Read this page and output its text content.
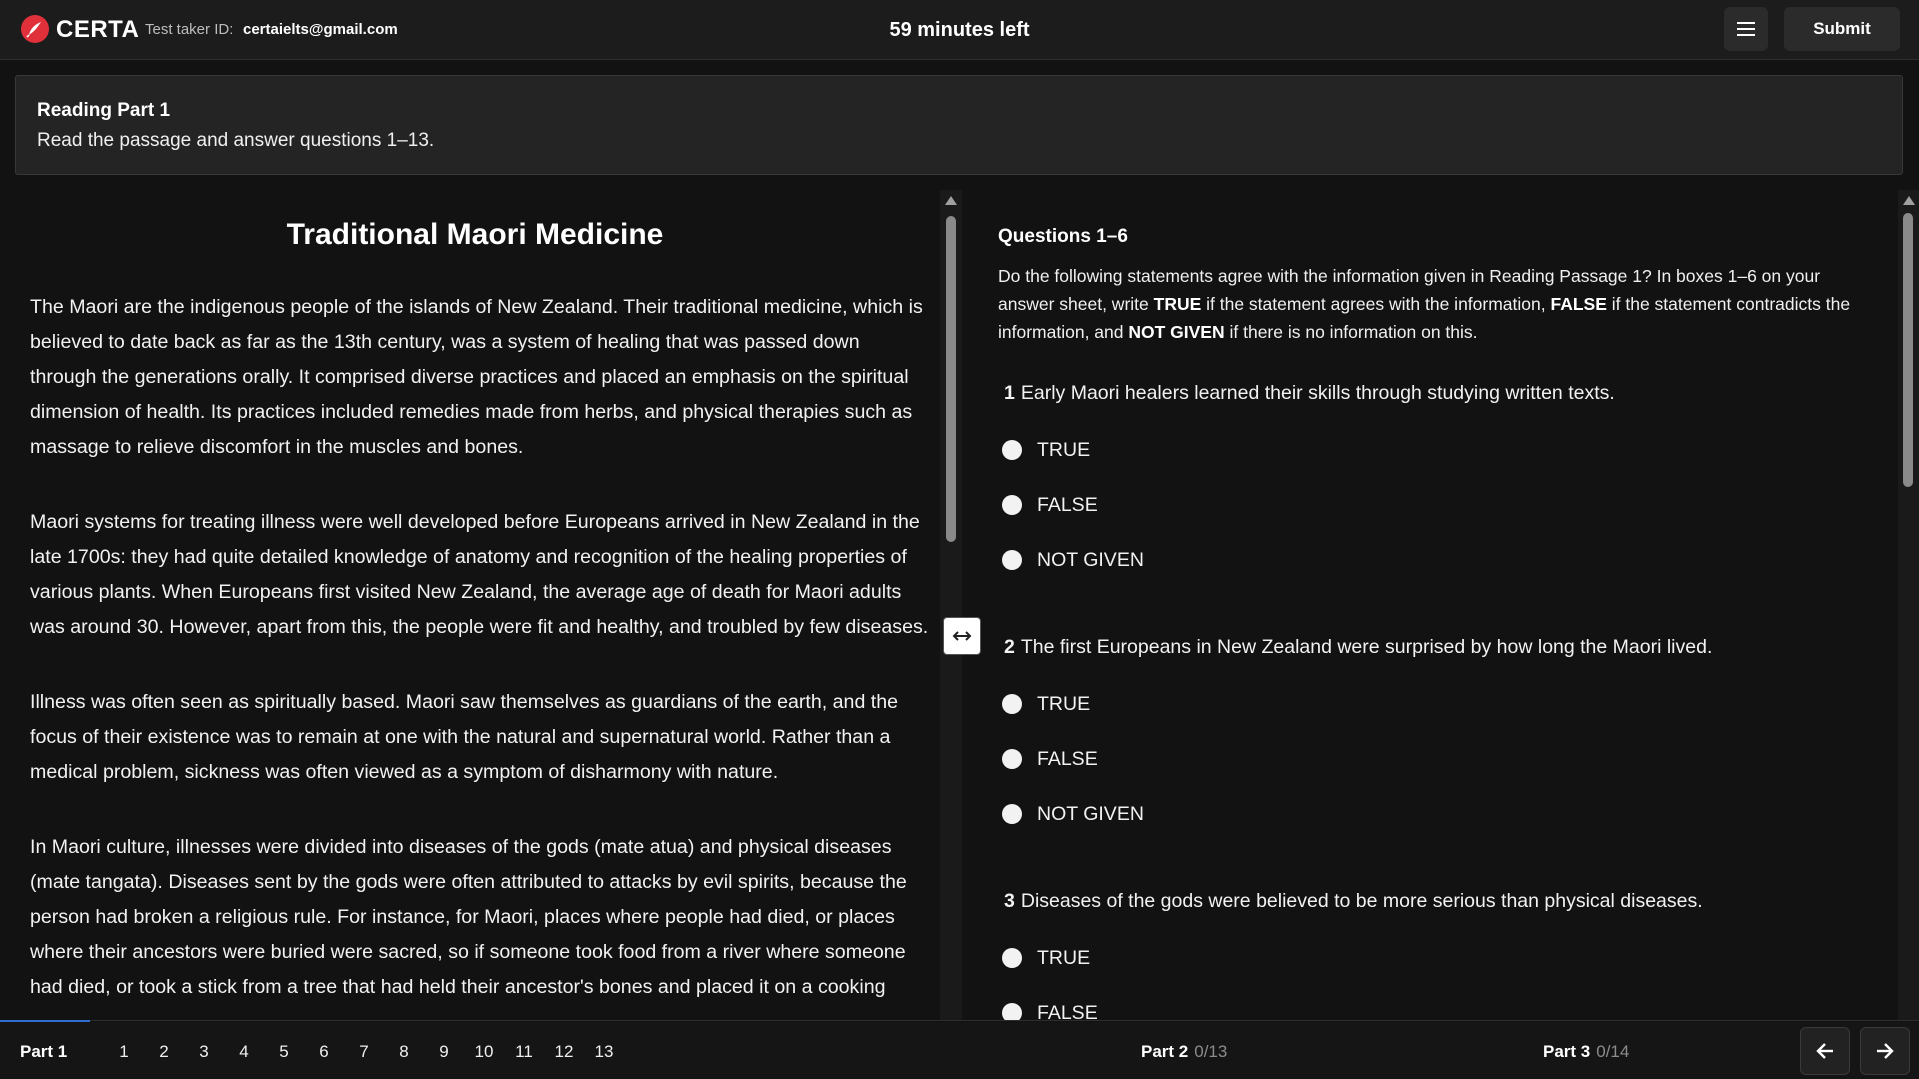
CERTA Test taker ID: certaielts@gmail.com	59 minutes left	Submit
Reading Part 1
Read the passage and answer questions 1–13.
Traditional Maori Medicine

The Maori are the indigenous people of the islands of New Zealand. Their traditional medicine, which is believed to date back as far as the 13th century, was a system of healing that was passed down through the generations orally. It comprised diverse practices and placed an emphasis on the spiritual dimension of health. Its practices included remedies made from herbs, and physical therapies such as massage to relieve discomfort in the muscles and bones.

Maori systems for treating illness were well developed before Europeans arrived in New Zealand in the late 1700s: they had quite detailed knowledge of anatomy and recognition of the healing properties of various plants. When Europeans first visited New Zealand, the average age of death for Maori adults was around 30. However, apart from this, the people were fit and healthy, and troubled by few diseases.

Illness was often seen as spiritually based. Maori saw themselves as guardians of the earth, and the focus of their existence was to remain at one with the natural and supernatural world. Rather than a medical problem, sickness was often viewed as a symptom of disharmony with nature.

In Maori culture, illnesses were divided into diseases of the gods (mate atua) and physical diseases (mate tangata). Diseases sent by the gods were often attributed to attacks by evil spirits, because the person had broken a religious rule. For instance, for Maori, places where people had died, or places where their ancestors were buried were sacred, so if someone took food from a river where someone had died, or took a stick from a tree that had held their ancestor's bones and placed it on a cooking

Questions 1–6
Do the following statements agree with the information given in Reading Passage 1? In boxes 1–6 on your answer sheet, write TRUE if the statement agrees with the information, FALSE if the statement contradicts the information, and NOT GIVEN if there is no information on this.
1 Early Maori healers learned their skills through studying written texts.
TRUE
FALSE
NOT GIVEN
2 The first Europeans in New Zealand were surprised by how long the Maori lived.
TRUE
FALSE
NOT GIVEN
3 Diseases of the gods were believed to be more serious than physical diseases.
TRUE
FALSE
Part 1	1	2	3	4	5	6	7	8	9	10	11	12	13	Part 2 0/13	Part 3 0/14
